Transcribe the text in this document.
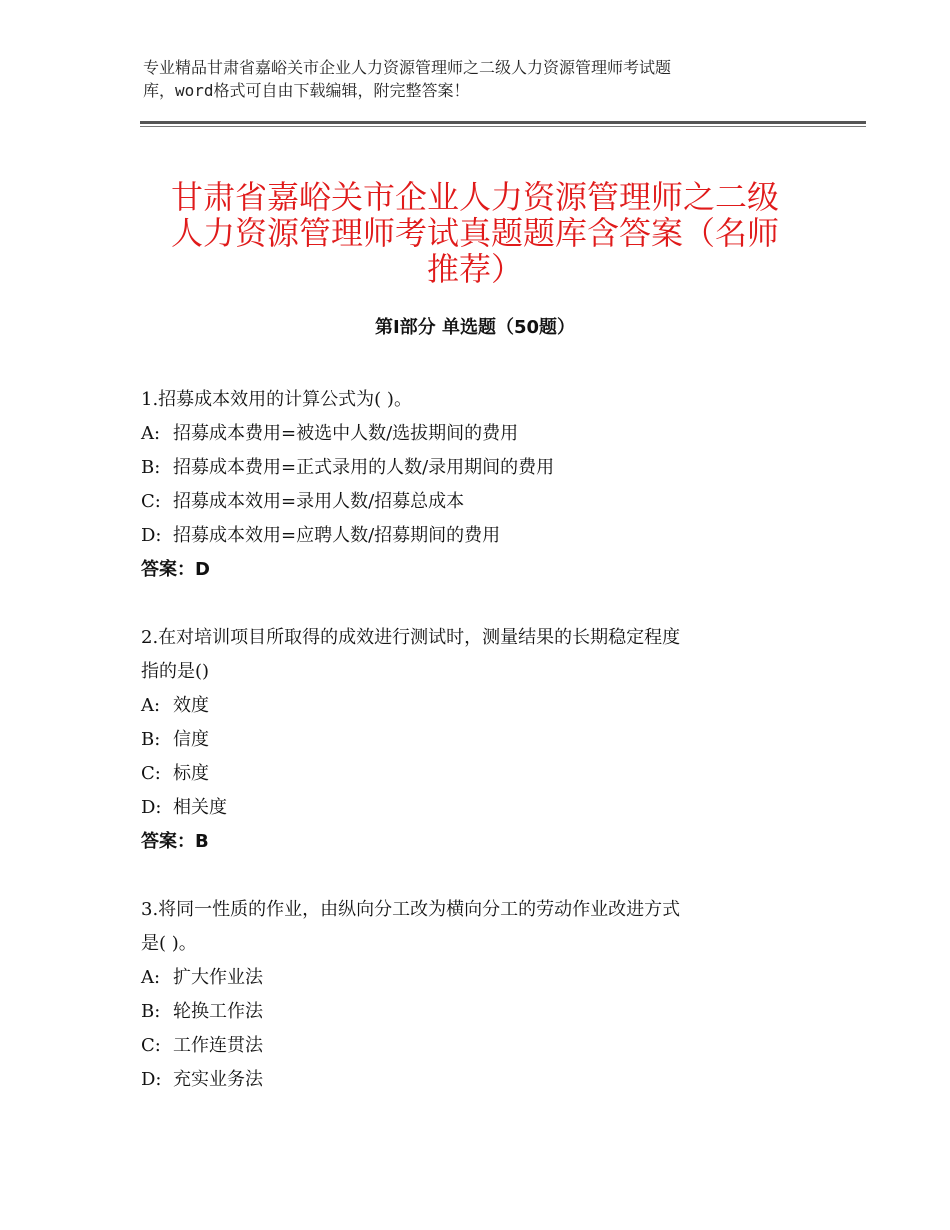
专业精品甘肃省嘉峪关市企业人力资源管理师之二级人力资源管理师考试题
库，word格式可自由下载编辑，附完整答案！
甘肃省嘉峪关市企业人力资源管理师之二级
人力资源管理师考试真题题库含答案（名师
推荐）
第Ⅰ部分 单选题（50题）
1.招募成本效用的计算公式为( )。
A: 招募成本费用=被选中人数/选拔期间的费用
B: 招募成本费用=正式录用的人数/录用期间的费用
C: 招募成本效用=录用人数/招募总成本
D: 招募成本效用=应聘人数/招募期间的费用
答案：D
2.在对培训项目所取得的成效进行测试时，测量结果的长期稳定程度
指的是()
A: 效度
B: 信度
C: 标度
D: 相关度
答案：B
3.将同一性质的作业，由纵向分工改为横向分工的劳动作业改进方式
是( )。
A: 扩大作业法
B: 轮换工作法
C: 工作连贯法
D: 充实业务法
